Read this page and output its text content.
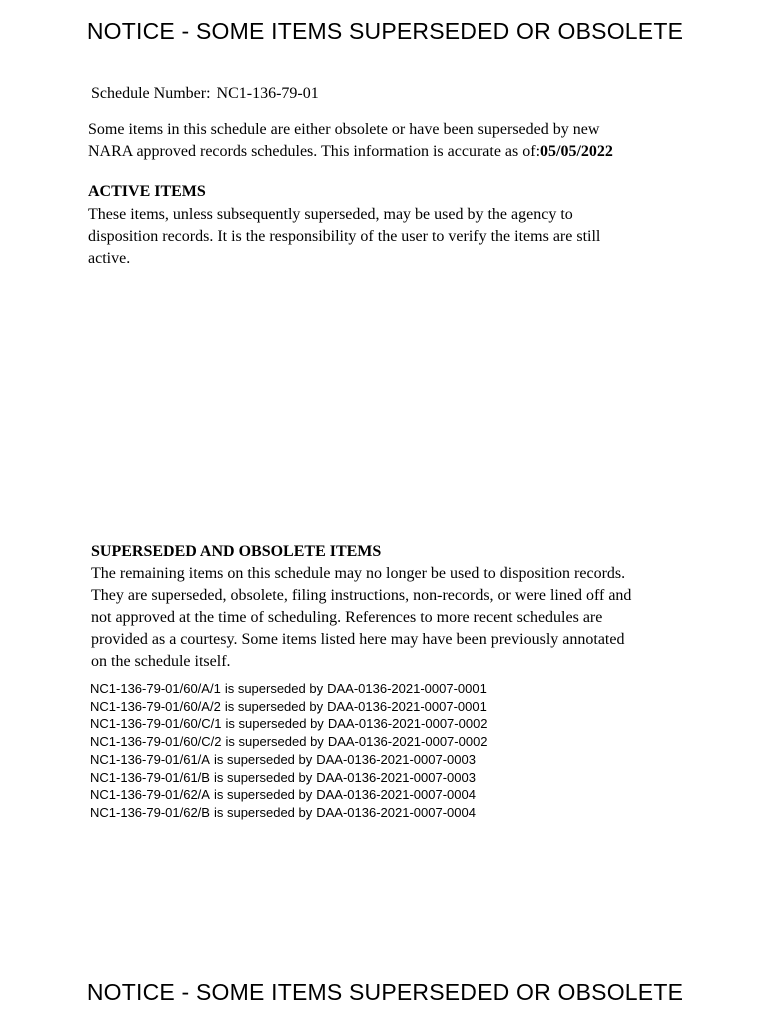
NOTICE - SOME ITEMS SUPERSEDED OR OBSOLETE
Schedule Number: NC1-136-79-01
Some items in this schedule are either obsolete or have been superseded by new
NARA approved records schedules. This information is accurate as of:05/05/2022
ACTIVE ITEMS
These items, unless subsequently superseded, may be used by the agency to
disposition records. It is the responsibility of the user to verify the items are still
active.
SUPERSEDED AND OBSOLETE ITEMS
The remaining items on this schedule may no longer be used to disposition records.
They are superseded, obsolete, filing instructions, non-records, or were lined off and
not approved at the time of scheduling. References to more recent schedules are
provided as a courtesy. Some items listed here may have been previously annotated
on the schedule itself.
NC1-136-79-01/60/A/1 is superseded by DAA-0136-2021-0007-0001
NC1-136-79-01/60/A/2 is superseded by DAA-0136-2021-0007-0001
NC1-136-79-01/60/C/1 is superseded by DAA-0136-2021-0007-0002
NC1-136-79-01/60/C/2 is superseded by DAA-0136-2021-0007-0002
NC1-136-79-01/61/A is superseded by DAA-0136-2021-0007-0003
NC1-136-79-01/61/B is superseded by DAA-0136-2021-0007-0003
NC1-136-79-01/62/A is superseded by DAA-0136-2021-0007-0004
NC1-136-79-01/62/B is superseded by DAA-0136-2021-0007-0004
NOTICE - SOME ITEMS SUPERSEDED OR OBSOLETE
